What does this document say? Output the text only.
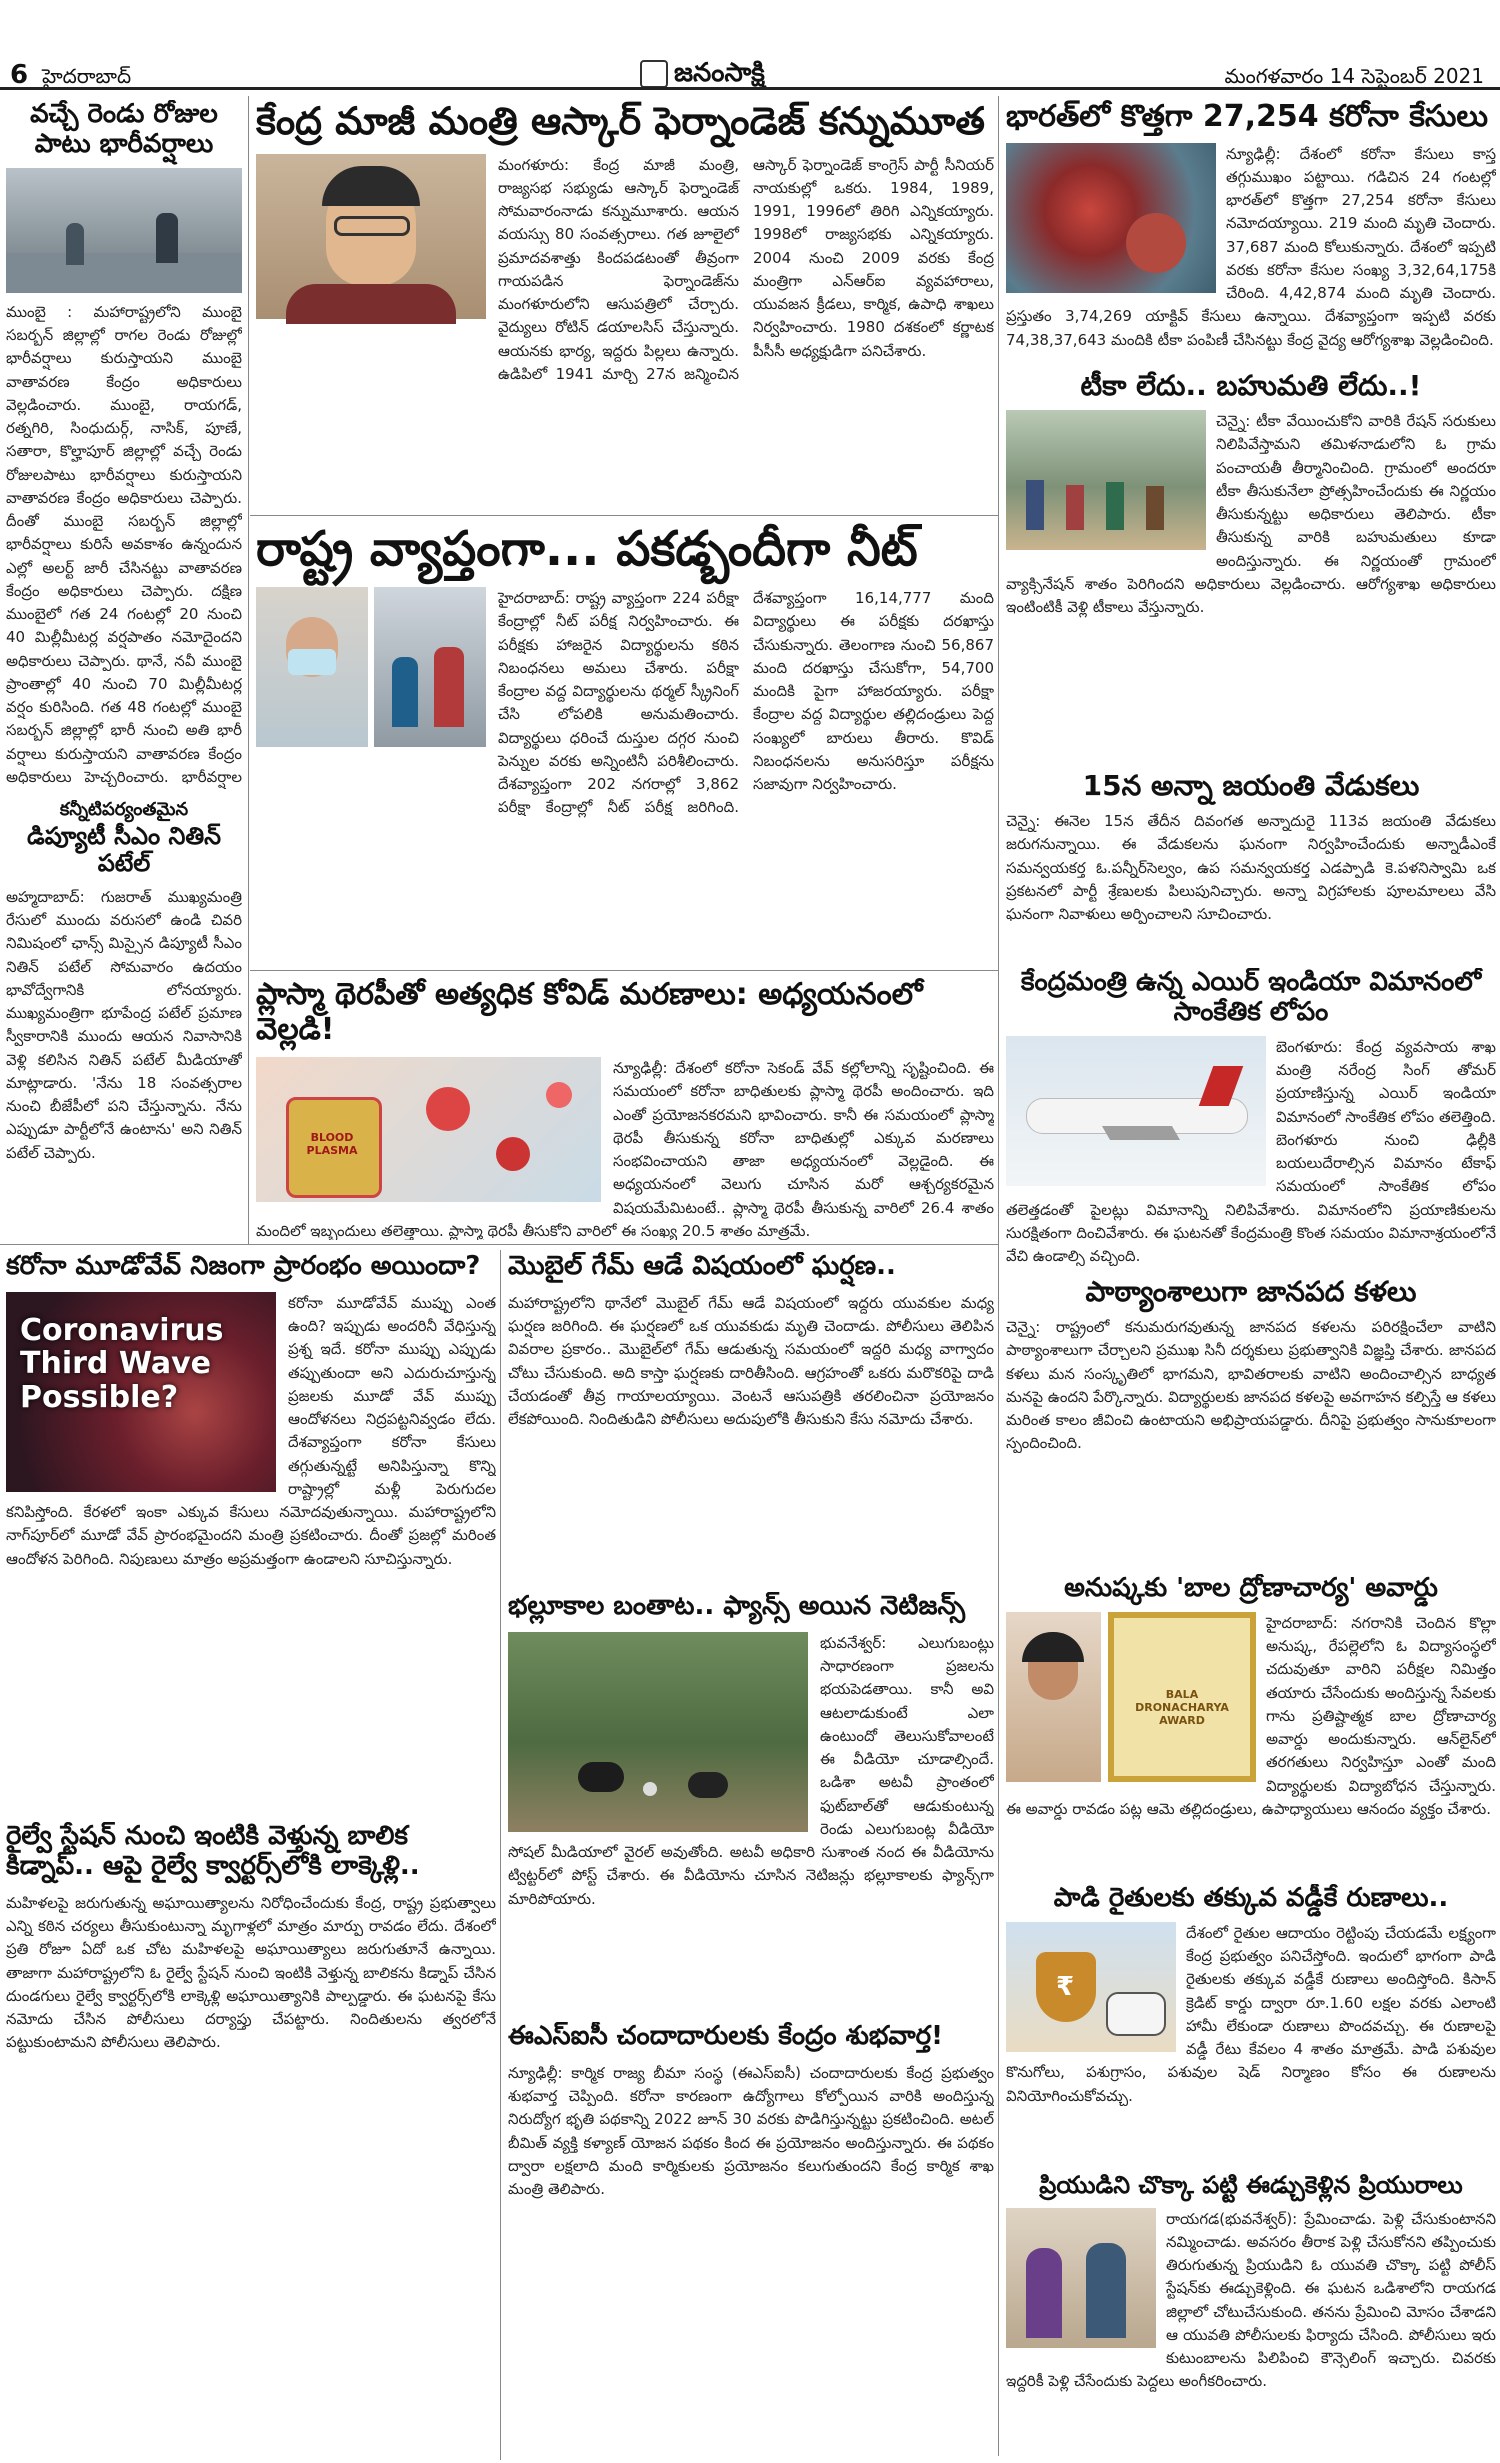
6 హైదరాబాద్	జనంసాక్షి	మంగళవారం 14 సెప్టెంబర్ 2021
వచ్చే రెండు రోజుల పాటు భారీవర్షాలు

ముంబై : మహారాష్ట్రలోని ముంబై సబర్బన్ జిల్లాల్లో రాగల రెండు రోజుల్లో భారీవర్షాలు కురుస్తాయని ముంబై వాతావరణ కేంద్రం అధికారులు వెల్లడించారు. ముంబై, రాయగడ్, రత్నగిరి, సింధుదుర్గ్, నాసిక్, పూణే, సతారా, కొల్హాపూర్ జిల్లాల్లో వచ్చే రెండు రోజులపాటు భారీవర్షాలు కురుస్తాయని వాతావరణ కేంద్రం అధికారులు చెప్పారు. దీంతో ముంబై సబర్బన్ జిల్లాల్లో భారీవర్షాలు కురిసే అవకాశం ఉన్నందున ఎల్లో అలర్ట్ జారీ చేసినట్టు వాతావరణ కేంద్రం అధికారులు చెప్పారు. దక్షిణ ముంబైలో గత 24 గంటల్లో 20 నుంచి 40 మిల్లీమీటర్ల వర్షపాతం నమోదైందని అధికారులు చెప్పారు. థానే, నవీ ముంబై ప్రాంతాల్లో 40 నుంచి 70 మిల్లీమీటర్ల వర్షం కురిసింది. గత 48 గంటల్లో ముంబై సబర్బన్ జిల్లాల్లో భారీ నుంచి అతి భారీ వర్షాలు కురుస్తాయని వాతావరణ కేంద్రం అధికారులు హెచ్చరించారు. భారీవర్షాల

కన్నీటిపర్యంతమైన
డిప్యూటీ సీఎం నితిన్ పటేల్

అహ్మదాబాద్: గుజరాత్ ముఖ్యమంత్రి రేసులో ముందు వరుసలో ఉండి చివ‌రి నిమిషంలో ఛాన్స్ మిస్సైన డిప్యూటీ సీఎం నితిన్ పటేల్ సోమవారం ఉదయం భావోద్వేగానికి లోనయ్యారు. ముఖ్యమంత్రిగా భూపేంద్ర పటేల్ ప్రమాణ స్వీకారానికి ముందు ఆయన నివాసానికి వెళ్లి కలిసిన నితిన్ పటేల్ మీడియాతో మాట్లాడారు. 'నేను 18 సంవత్సరాల నుంచి బీజేపీలో పని చేస్తున్నాను. నేను ఎప్పుడూ పార్టీలోనే ఉంటాను' అని నితిన్ పటేల్ చెప్పారు.

కేంద్ర మాజీ మంత్రి ఆస్కార్ ఫెర్నాండెజ్ కన్నుమూత

మంగళూరు: కేంద్ర మాజీ మంత్రి, రాజ్యసభ సభ్యుడు ఆస్కార్ ఫెర్నాండెజ్ సోమవారంనాడు కన్నుమూశారు. ఆయన వయస్సు 80 సంవత్సరాలు. గత జూలైలో ప్రమాదవశాత్తు కిందపడటంతో తీవ్రంగా గాయపడిన ఫెర్నాండెజ్‌ను మంగళూరులోని ఆసుపత్రిలో చేర్చారు. వైద్యులు రోటిన్ డయాలసిస్ చేస్తున్నారు. ఆయనకు భార్య, ఇద్దరు పిల్లలు ఉన్నారు. ఉడిపిలో 1941 మార్చి 27న జన్మించిన ఆస్కార్ ఫెర్నాండెజ్ కాంగ్రెస్ పార్టీ సీనియర్ నాయకుల్లో ఒకరు. 1984, 1989, 1991, 1996లో తిరిగి ఎన్నికయ్యారు. 1998లో రాజ్యసభకు ఎన్నికయ్యారు. 2004 నుంచి 2009 వరకు కేంద్ర మంత్రిగా ఎన్‌ఆర్‌ఐ వ్యవహారాలు, యువజన క్రీడలు, కార్మిక, ఉపాధి శాఖలు నిర్వహించారు. 1980 దశకంలో కర్ణాటక పీసీసీ అధ్యక్షుడిగా పనిచేశారు.

రాష్ట్ర వ్యాప్తంగా... పకడ్బందీగా నీట్

హైదరాబాద్: రాష్ట్ర వ్యాప్తంగా 224 పరీక్షా కేంద్రాల్లో నీట్ పరీక్ష నిర్వహించారు. ఈ పరీక్షకు హాజరైన విద్యార్థులను కఠిన నిబంధనలు అమలు చేశారు. పరీక్షా కేంద్రాల వద్ద విద్యార్థులను థర్మల్ స్క్రీనింగ్ చేసి లోపలికి అనుమతించారు. విద్యార్థులు ధరించే దుస్తుల దగ్గర నుంచి పెన్నుల వరకు అన్నింటినీ పరిశీలించారు. దేశవ్యాప్తంగా 202 నగరాల్లో 3,862 పరీక్షా కేంద్రాల్లో నీట్ పరీక్ష జరిగింది. దేశవ్యాప్తంగా 16,14,777 మంది విద్యార్థులు ఈ పరీక్షకు దరఖాస్తు చేసుకున్నారు. తెలంగాణ నుంచి 56,867 మంది దరఖాస్తు చేసుకోగా, 54,700 మందికి పైగా హాజరయ్యారు. పరీక్షా కేంద్రాల వద్ద విద్యార్థుల తల్లిదండ్రులు పెద్ద సంఖ్యలో బారులు తీరారు. కొవిడ్ నిబంధనలను అనుసరిస్తూ పరీక్షను సజావుగా నిర్వహించారు.

ప్లాస్మా థెరపీతో అత్యధిక కోవిడ్ మరణాలు: అధ్యయనంలో వెల్లడి!
BLOOD PLASMA

న్యూఢిల్లీ: దేశంలో కరోనా సెకండ్ వేవ్ కల్లోలాన్ని సృష్టించింది. ఈ సమయంలో కరోనా బాధితులకు ప్లాస్మా థెరపీ అందించారు. ఇది ఎంతో ప్రయోజనకరమని భావించారు. కానీ ఈ సమయంలో ప్లాస్మా థెరపీ తీసుకున్న కరోనా బాధితుల్లో ఎక్కువ మరణాలు సంభవించాయని తాజా అధ్యయనంలో వెల్లడైంది. ఈ అధ్యయనంలో వెలుగు చూసిన మరో ఆశ్చర్యకరమైన విషయమేమిటంటే.. ప్లాస్మా థెరపీ తీసుకున్న వారిలో 26.4 శాతం మందిలో ఇబ్బందులు తలెత్తాయి. ప్లాస్మా థెరపీ తీసుకోని వారిలో ఈ సంఖ్య 20.5 శాతం మాత్రమే.

కరోనా మూడోవేవ్ నిజంగా ప్రారంభం అయిందా?
Coronavirus Third Wave Possible?

కరోనా మూడోవేవ్ ముప్పు ఎంత ఉంది? ఇప్పుడు అందరినీ వేధిస్తున్న ప్రశ్న ఇదే. కరోనా ముప్పు ఎప్పుడు తప్పుతుందా అని ఎదురుచూస్తున్న ప్రజలకు మూడో వేవ్ ముప్పు ఆందోళనలు నిద్రపట్టనివ్వడం లేదు. దేశవ్యాప్తంగా కరోనా కేసులు తగ్గుతున్నట్టే అనిపిస్తున్నా కొన్ని రాష్ట్రాల్లో మళ్లీ పెరుగుదల కనిపిస్తోంది. కేరళలో ఇంకా ఎక్కువ కేసులు నమోదవుతున్నాయి. మహారాష్ట్రలోని నాగ్‌పూర్‌లో మూడో వేవ్ ప్రారంభమైందని మంత్రి ప్రకటించారు. దీంతో ప్రజల్లో మరింత ఆందోళన పెరిగింది. నిపుణులు మాత్రం అప్రమత్తంగా ఉండాలని సూచిస్తున్నారు.

రైల్వే స్టేషన్ నుంచి ఇంటికి వెళ్తున్న బాలిక కిడ్నాప్.. ఆపై రైల్వే క్వార్టర్స్‌లోకి లాక్కెళ్లి..

మహిళలపై జరుగుతున్న అఘాయిత్యాలను నిరోధించేందుకు కేంద్ర, రాష్ట్ర ప్రభుత్వాలు ఎన్ని కఠిన చర్యలు తీసుకుంటున్నా మృగాళ్లలో మాత్రం మార్పు రావడం లేదు. దేశంలో ప్రతి రోజూ ఏదో ఒక చోట మహిళలపై అఘాయిత్యాలు జరుగుతూనే ఉన్నాయి. తాజాగా మహారాష్ట్రలోని ఓ రైల్వే స్టేషన్ నుంచి ఇంటికి వెళ్తున్న బాలికను కిడ్నాప్ చేసిన దుండగులు రైల్వే క్వార్టర్స్‌లోకి లాక్కెళ్లి అఘాయిత్యానికి పాల్పడ్డారు. ఈ ఘటనపై కేసు నమోదు చేసిన పోలీసులు దర్యాప్తు చేపట్టారు. నిందితులను త్వరలోనే పట్టుకుంటామని పోలీసులు తెలిపారు.

మొబైల్ గేమ్ ఆడే విషయంలో ఘర్షణ..

మహారాష్ట్రలోని థానేలో మొబైల్ గేమ్ ఆడే విషయంలో ఇద్దరు యువకుల మధ్య ఘర్షణ జరిగింది. ఈ ఘర్షణలో ఒక యువకుడు మృతి చెందాడు. పోలీసులు తెలిపిన వివరాల ప్రకారం.. మొబైల్‌లో గేమ్ ఆడుతున్న సమయంలో ఇద్దరి మధ్య వాగ్వాదం చోటు చేసుకుంది. అది కాస్తా ఘర్షణకు దారితీసింది. ఆగ్రహంతో ఒకరు మరొకరిపై దాడి చేయడంతో తీవ్ర గాయాలయ్యాయి. వెంటనే ఆసుపత్రికి తరలించినా ప్రయోజనం లేకపోయింది. నిందితుడిని పోలీసులు అదుపులోకి తీసుకుని కేసు నమోదు చేశారు.

భల్లూకాల బంతాట.. ఫ్యాన్స్ అయిన నెటిజన్స్

భువనేశ్వర్: ఎలుగుబంట్లు సాధారణంగా ప్రజలను భయపెడతాయి. కానీ అవి ఆటలాడుకుంటే ఎలా ఉంటుందో తెలుసుకోవాలంటే ఈ వీడియో చూడాల్సిందే. ఒడిశా అటవీ ప్రాంతంలో ఫుట్‌బాల్‌తో ఆడుకుంటున్న రెండు ఎలుగుబంట్ల వీడియో సోషల్ మీడియాలో వైరల్ అవుతోంది. అటవీ అధికారి సుశాంత నంద ఈ వీడియోను ట్విట్టర్‌లో పోస్ట్ చేశారు. ఈ వీడియోను చూసిన నెటిజన్లు భల్లూకాలకు ఫ్యాన్స్‌గా మారిపోయారు.

ఈఎస్ఐసీ చందాదారులకు కేంద్రం శుభవార్త!

న్యూఢిల్లీ: కార్మిక రాజ్య బీమా సంస్థ (ఈఎస్ఐసీ) చందాదారులకు కేంద్ర ప్రభుత్వం శుభవార్త చెప్పింది. కరోనా కారణంగా ఉద్యోగాలు కోల్పోయిన వారికి అందిస్తున్న నిరుద్యోగ భృతి పథకాన్ని 2022 జూన్ 30 వరకు పొడిగిస్తున్నట్టు ప్రకటించింది. అటల్ బీమిత్ వ్యక్తి కళ్యాణ్ యోజన పథకం కింద ఈ ప్రయోజనం అందిస్తున్నారు. ఈ పథకం ద్వారా లక్షలాది మంది కార్మికులకు ప్రయోజనం కలుగుతుందని కేంద్ర కార్మిక శాఖ మంత్రి తెలిపారు.

భారత్‌లో కొత్తగా 27,254 కరోనా కేసులు

న్యూఢిల్లీ: దేశంలో కరోనా కేసులు కాస్త తగ్గుముఖం పట్టాయి. గడిచిన 24 గంటల్లో భారత్‌లో కొత్తగా 27,254 కరోనా కేసులు నమోదయ్యాయి. 219 మంది మృతి చెందారు. 37,687 మంది కోలుకున్నారు. దేశంలో ఇప్పటి వరకు కరోనా కేసుల సంఖ్య 3,32,64,175కి చేరింది. 4,42,874 మంది మృతి చెందారు. ప్రస్తుతం 3,74,269 యాక్టివ్ కేసులు ఉన్నాయి. దేశవ్యాప్తంగా ఇప్పటి వరకు 74,38,37,643 మందికి టీకా పంపిణీ చేసినట్టు కేంద్ర వైద్య ఆరోగ్యశాఖ వెల్లడించింది.

టీకా లేదు.. బహుమతి లేదు..!

చెన్నై: టీకా వేయించుకోని వారికి రేషన్ సరుకులు నిలిపివేస్తామని తమిళనాడులోని ఓ గ్రామ పంచాయతీ తీర్మానించింది. గ్రామంలో అందరూ టీకా తీసుకునేలా ప్రోత్సహించేందుకు ఈ నిర్ణయం తీసుకున్నట్టు అధికారులు తెలిపారు. టీకా తీసుకున్న వారికి బహుమతులు కూడా అందిస్తున్నారు. ఈ నిర్ణయంతో గ్రామంలో వ్యాక్సినేషన్ శాతం పెరిగిందని అధికారులు వెల్లడించారు. ఆరోగ్యశాఖ అధికారులు ఇంటింటికీ వెళ్లి టీకాలు వేస్తున్నారు.

15న అన్నా జయంతి వేడుకలు

చెన్నై: ఈనెల 15న తేదీన దివంగత అన్నాదురై 113వ జయంతి వేడుకలు జరుగనున్నాయి. ఈ వేడుకలను ఘనంగా నిర్వహించేందుకు అన్నాడీఎంకే సమన్వయకర్త ఓ.పన్నీర్‌సెల్వం, ఉప సమన్వయకర్త ఎడప్పాడి కె.పళనిస్వామి ఒక ప్రకటనలో పార్టీ శ్రేణులకు పిలుపునిచ్చారు. అన్నా విగ్రహాలకు పూలమాలలు వేసి ఘనంగా నివాళులు అర్పించాలని సూచించారు.

కేంద్రమంత్రి ఉన్న ఎయిర్ ఇండియా విమానంలో సాంకేతిక లోపం

బెంగళూరు: కేంద్ర వ్యవసాయ శాఖ మంత్రి నరేంద్ర సింగ్ తోమర్ ప్రయాణిస్తున్న ఎయిర్ ఇండియా విమానంలో సాంకేతిక లోపం తలెత్తింది. బెంగళూరు నుంచి ఢిల్లీకి బయలుదేరాల్సిన విమానం టేకాఫ్ సమయంలో సాంకేతిక లోపం తలెత్తడంతో పైలట్లు విమానాన్ని నిలిపివేశారు. విమానంలోని ప్రయాణికులను సురక్షితంగా దించివేశారు. ఈ ఘటనతో కేంద్రమంత్రి కొంత సమయం విమానాశ్రయంలోనే వేచి ఉండాల్సి వచ్చింది.

పాఠ్యాంశాలుగా జానపద కళలు

చెన్నై: రాష్ట్రంలో కనుమరుగవుతున్న జానపద కళలను పరిరక్షించేలా వాటిని పాఠ్యాంశాలుగా చేర్చాలని ప్రముఖ సినీ దర్శకులు ప్రభుత్వానికి విజ్ఞప్తి చేశారు. జానపద కళలు మన సంస్కృతిలో భాగమని, భావితరాలకు వాటిని అందించాల్సిన బాధ్యత మనపై ఉందని పేర్కొన్నారు. విద్యార్థులకు జానపద కళలపై అవగాహన కల్పిస్తే ఆ కళలు మరింత కాలం జీవించి ఉంటాయని అభిప్రాయపడ్డారు. దీనిపై ప్రభుత్వం సానుకూలంగా స్పందించింది.

అనుష్కకు 'బాల ద్రోణాచార్య' అవార్డు
BALA DRONACHARYA AWARD

హైదరాబాద్: నగరానికి చెందిన కొల్లా అనుష్క, రేపల్లెలోని ఓ విద్యాసంస్థలో చదువుతూ వారిని పరీక్షల నిమిత్తం తయారు చేసేందుకు అందిస్తున్న సేవలకు గాను ప్రతిష్టాత్మక బాల ద్రోణాచార్య అవార్డు అందుకున్నారు. ఆన్‌లైన్‌లో తరగతులు నిర్వహిస్తూ ఎంతో మంది విద్యార్థులకు విద్యాబోధన చేస్తున్నారు. ఈ అవార్డు రావడం పట్ల ఆమె తల్లిదండ్రులు, ఉపాధ్యాయులు ఆనందం వ్యక్తం చేశారు.

పాడి రైతులకు తక్కువ వడ్డీకే రుణాలు..
₹

దేశంలో రైతుల ఆదాయం రెట్టింపు చేయడమే లక్ష్యంగా కేంద్ర ప్రభుత్వం పనిచేస్తోంది. ఇందులో భాగంగా పాడి రైతులకు తక్కువ వడ్డీకే రుణాలు అందిస్తోంది. కిసాన్ క్రెడిట్ కార్డు ద్వారా రూ.1.60 లక్షల వరకు ఎలాంటి హామీ లేకుండా రుణాలు పొందవచ్చు. ఈ రుణాలపై వడ్డీ రేటు కేవలం 4 శాతం మాత్రమే. పాడి పశువుల కొనుగోలు, పశుగ్రాసం, పశువుల షెడ్ నిర్మాణం కోసం ఈ రుణాలను వినియోగించుకోవచ్చు.

ప్రియుడిని చొక్కా పట్టి ఈడ్చుకెళ్లిన ప్రియురాలు

రాయగడ(భువనేశ్వర్): ప్రేమించాడు. పెళ్లి చేసుకుంటానని నమ్మించాడు. అవసరం తీరాక పెళ్లి చేసుకోనని తప్పించుకు తిరుగుతున్న ప్రియుడిని ఓ యువతి చొక్కా పట్టి పోలీస్ స్టేషన్‌కు ఈడ్చుకెళ్లింది. ఈ ఘటన ఒడిశాలోని రాయగడ జిల్లాలో చోటుచేసుకుంది. తనను ప్రేమించి మోసం చేశాడని ఆ యువతి పోలీసులకు ఫిర్యాదు చేసింది. పోలీసులు ఇరు కుటుంబాలను పిలిపించి కౌన్సెలింగ్ ఇచ్చారు. చివరకు ఇద్దరికీ పెళ్లి చేసేందుకు పెద్దలు అంగీకరించారు.
